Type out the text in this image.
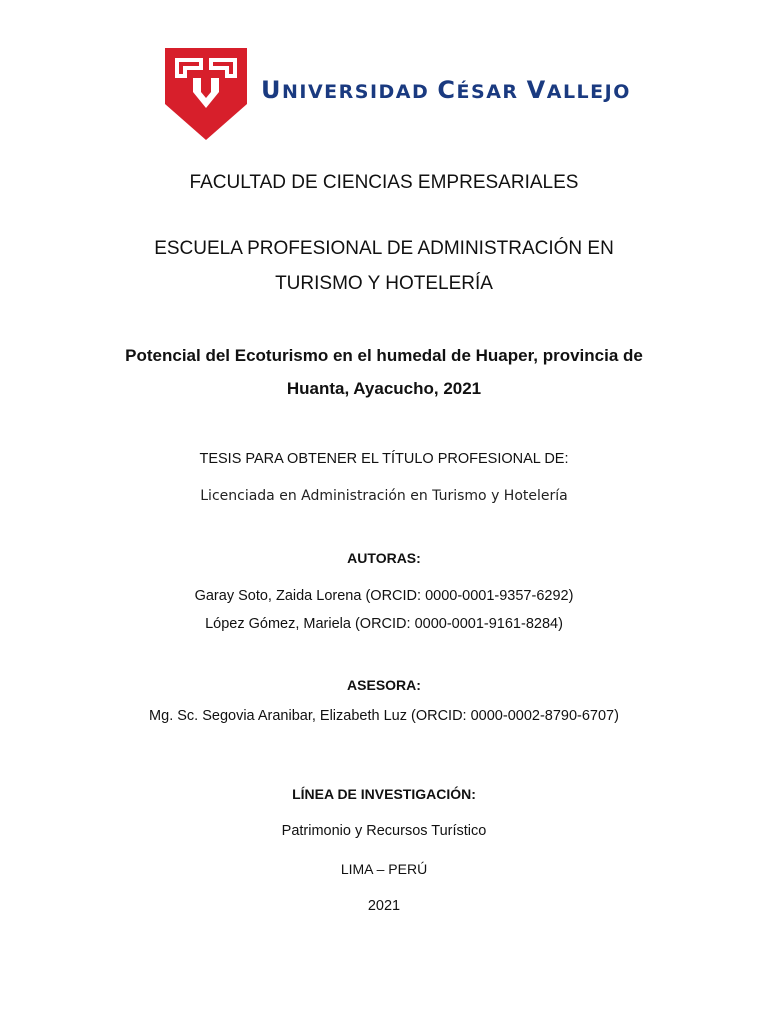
UNIVERSIDAD CÉSAR VALLEJO
FACULTAD DE CIENCIAS EMPRESARIALES
ESCUELA PROFESIONAL DE ADMINISTRACIÓN EN
TURISMO Y HOTELERÍA
Potencial del Ecoturismo en el humedal de Huaper, provincia de
Huanta, Ayacucho, 2021
TESIS PARA OBTENER EL TÍTULO PROFESIONAL DE:
Licenciada en Administración en Turismo y Hotelería
AUTORAS:
Garay Soto, Zaida Lorena (ORCID: 0000-0001-9357-6292)
López Gómez, Mariela (ORCID: 0000-0001-9161-8284)
ASESORA:
Mg. Sc. Segovia Aranibar, Elizabeth Luz (ORCID: 0000-0002-8790-6707)
LÍNEA DE INVESTIGACIÓN:
Patrimonio y Recursos Turístico
LIMA – PERÚ
2021
